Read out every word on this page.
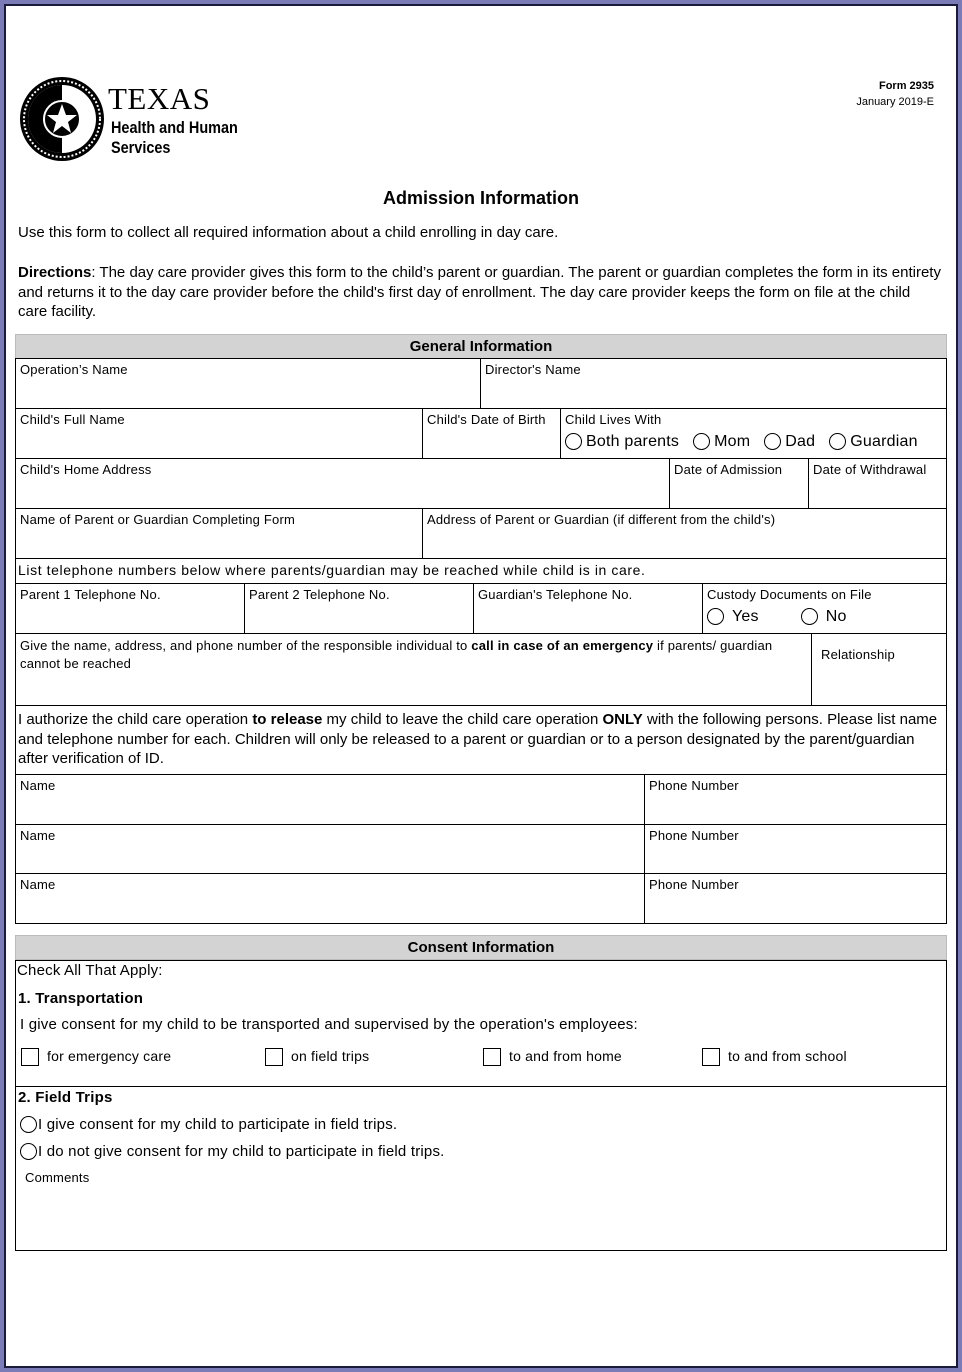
TEXAS
Health and Human
Services
Form 2935
January 2019-E
Admission Information
Use this form to collect all required information about a child enrolling in day care.
Directions: The day care provider gives this form to the child’s parent or guardian. The parent or guardian completes the form in its entirety and returns it to the day care provider before the child's first day of enrollment. The day care provider keeps the form on file at the child care facility.
General Information
Operation’s Name	Director's Name
Child's Full Name	Child's Date of Birth	Child Lives With
Both parents Mom Dad Guardian
Child's Home Address	Date of Admission	Date of Withdrawal
Name of Parent or Guardian Completing Form	Address of Parent or Guardian (if different from the child's)
List telephone numbers below where parents/guardian may be reached while child is in care.
Parent 1 Telephone No.	Parent 2 Telephone No.	Guardian's Telephone No.	Custody Documents on File
Yes	No
Give the name, address, and phone number of the responsible individual to call in case of an emergency if parents/ guardian cannot be reached
Relationship
I authorize the child care operation to release my child to leave the child care operation ONLY with the following persons. Please list name and telephone number for each. Children will only be released to a parent or guardian or to a person designated by the parent/guardian after verification of ID.
Name	Phone Number
Name	Phone Number
Name	Phone Number
Consent Information
Check All That Apply:
1. Transportation
I give consent for my child to be transported and supervised by the operation's employees:
for emergency care	on field trips	to and from home	to and from school
2. Field Trips
I give consent for my child to participate in field trips.
I do not give consent for my child to participate in field trips.
Comments
